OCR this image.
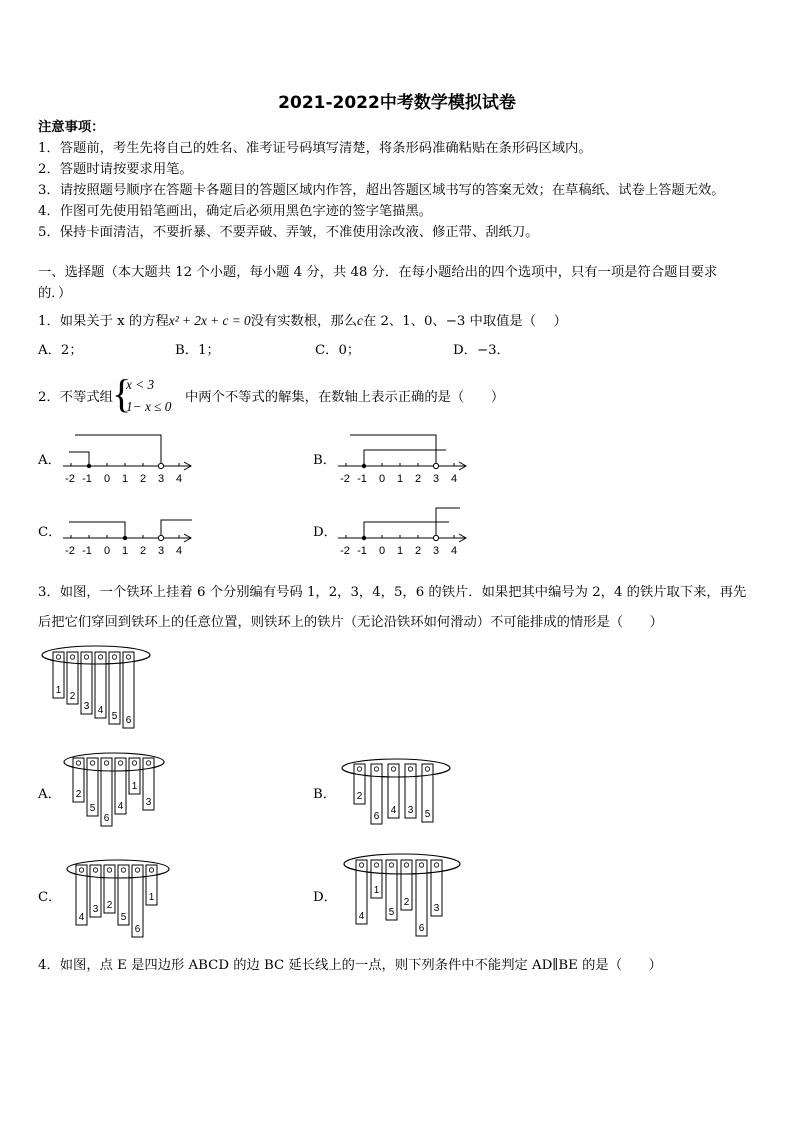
2021-2022中考数学模拟试卷
注意事项：
1．答题前，考生先将自己的姓名、准考证号码填写清楚，将条形码准确粘贴在条形码区域内。
2．答题时请按要求用笔。
3．请按照题号顺序在答题卡各题目的答题区域内作答，超出答题区域书写的答案无效；在草稿纸、试卷上答题无效。
4．作图可先使用铅笔画出，确定后必须用黑色字迹的签字笔描黑。
5．保持卡面清洁，不要折暴、不要弄破、弄皱，不准使用涂改液、修正带、刮纸刀。
一、选择题（本大题共 12 个小题，每小题 4 分，共 48 分．在每小题给出的四个选项中，只有一项是符合题目要求
的．）
1．如果关于 x 的方程x² + 2x + c = 0没有实数根，那么c在 2、1、0、−3 中取值是（　 ）
A．2；	B．1；	C．0；	D．−3．
2．不等式组 {
x < 3
1− x ≤ 0
中两个不等式的解集，在数轴上表示正确的是（　　）
A．	B．
C．	D．
-2 -1 0 1 2 3 4	-2 -1 0 1 2 3 4
-2 -1 0 1 2 3 4	-2 -1 0 1 2 3 4
3．如图，一个铁环上挂着 6 个分别编有号码 1，2，3，4，5，6 的铁片．如果把其中编号为 2，4 的铁片取下来，再先
后把它们穿回到铁环上的任意位置，则铁环上的铁片（无论沿铁环如何滑动）不可能排成的情形是（　　）
1
2
3 4
5 6
A． 2
5
6
4
1
3
B． 2
6
4 3 5
C．
4
3 2
5
6
1	D．
4
1
5
2
6
3
4．如图，点 E 是四边形 ABCD 的边 BC 延长线上的一点，则下列条件中不能判定 AD∥BE 的是（　　）
